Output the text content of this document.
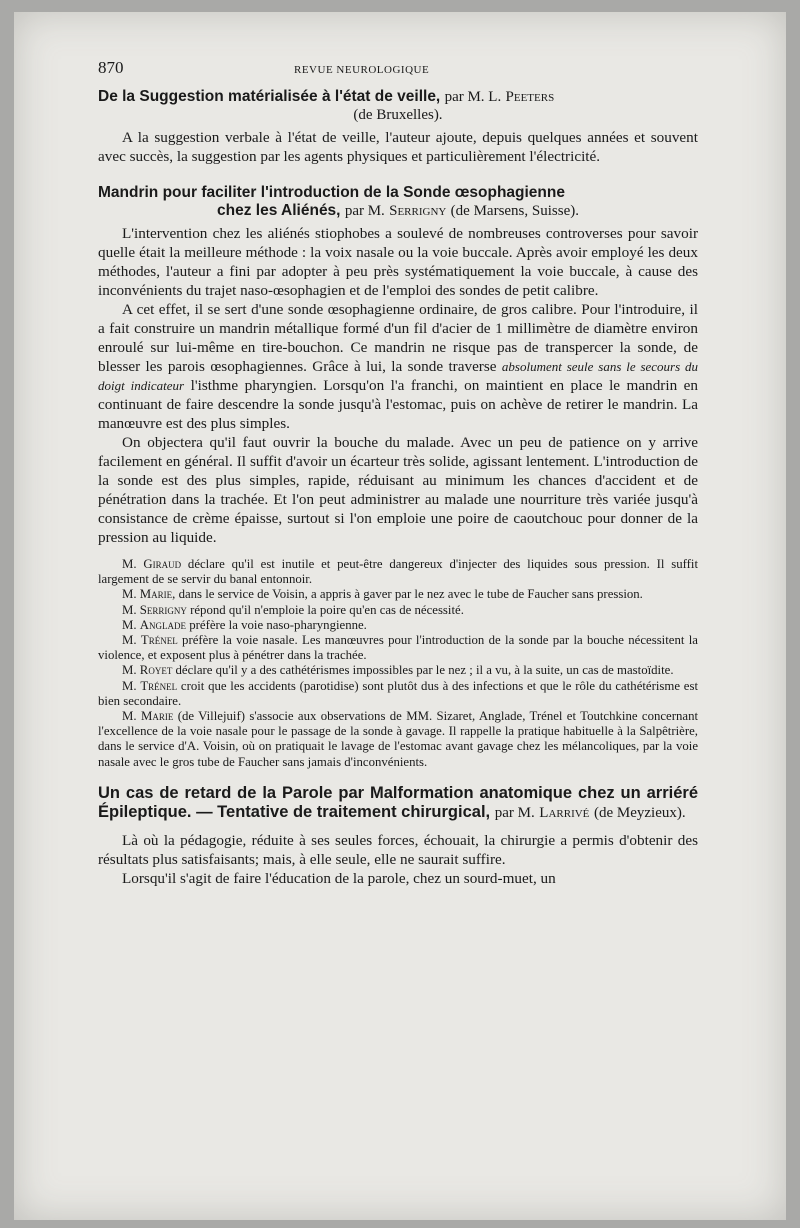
870	REVUE NEUROLOGIQUE
De la Suggestion matérialisée à l'état de veille, par M. L. Peeters
(de Bruxelles).

A la suggestion verbale à l'état de veille, l'auteur ajoute, depuis quelques années et souvent avec succès, la suggestion par les agents physiques et particulièrement l'électricité.

Mandrin pour faciliter l'introduction de la Sonde œsophagienne
chez les Aliénés, par M. Serrigny (de Marsens, Suisse).

L'intervention chez les aliénés stiophobes a soulevé de nombreuses controverses pour savoir quelle était la meilleure méthode : la voix nasale ou la voie buccale. Après avoir employé les deux méthodes, l'auteur a fini par adopter à peu près systématiquement la voie buccale, à cause des inconvénients du trajet naso-œsophagien et de l'emploi des sondes de petit calibre.

A cet effet, il se sert d'une sonde œsophagienne ordinaire, de gros calibre. Pour l'introduire, il a fait construire un mandrin métallique formé d'un fil d'acier de 1 millimètre de diamètre environ enroulé sur lui-même en tire-bouchon. Ce mandrin ne risque pas de transpercer la sonde, de blesser les parois œsophagiennes. Grâce à lui, la sonde traverse absolument seule sans le secours du doigt indicateur l'isthme pharyngien. Lorsqu'on l'a franchi, on maintient en place le mandrin en continuant de faire descendre la sonde jusqu'à l'estomac, puis on achève de retirer le mandrin. La manœuvre est des plus simples.

On objectera qu'il faut ouvrir la bouche du malade. Avec un peu de patience on y arrive facilement en général. Il suffit d'avoir un écarteur très solide, agissant lentement. L'introduction de la sonde est des plus simples, rapide, réduisant au minimum les chances d'accident et de pénétration dans la trachée. Et l'on peut administrer au malade une nourriture très variée jusqu'à consistance de crème épaisse, surtout si l'on emploie une poire de caoutchouc pour donner de la pression au liquide.

M. Giraud déclare qu'il est inutile et peut-être dangereux d'injecter des liquides sous pression. Il suffit largement de se servir du banal entonnoir.

M. Marie, dans le service de Voisin, a appris à gaver par le nez avec le tube de Faucher sans pression.

M. Serrigny répond qu'il n'emploie la poire qu'en cas de nécessité.

M. Anglade préfère la voie naso-pharyngienne.

M. Trénel préfère la voie nasale. Les manœuvres pour l'introduction de la sonde par la bouche nécessitent la violence, et exposent plus à pénétrer dans la trachée.

M. Royet déclare qu'il y a des cathétérismes impossibles par le nez ; il a vu, à la suite, un cas de mastoïdite.

M. Trénel croit que les accidents (parotidise) sont plutôt dus à des infections et que le rôle du cathétérisme est bien secondaire.

M. Marie (de Villejuif) s'associe aux observations de MM. Sizaret, Anglade, Trénel et Toutchkine concernant l'excellence de la voie nasale pour le passage de la sonde à gavage. Il rappelle la pratique habituelle à la Salpêtrière, dans le service d'A. Voisin, où on pratiquait le lavage de l'estomac avant gavage chez les mélancoliques, par la voie nasale avec le gros tube de Faucher sans jamais d'inconvénients.

Un cas de retard de la Parole par Malformation anatomique chez un arriéré Épileptique. — Tentative de traitement chirurgical, par M. Larrivé (de Meyzieux).

Là où la pédagogie, réduite à ses seules forces, échouait, la chirurgie a permis d'obtenir des résultats plus satisfaisants; mais, à elle seule, elle ne saurait suffire.

Lorsqu'il s'agit de faire l'éducation de la parole, chez un sourd-muet, un
